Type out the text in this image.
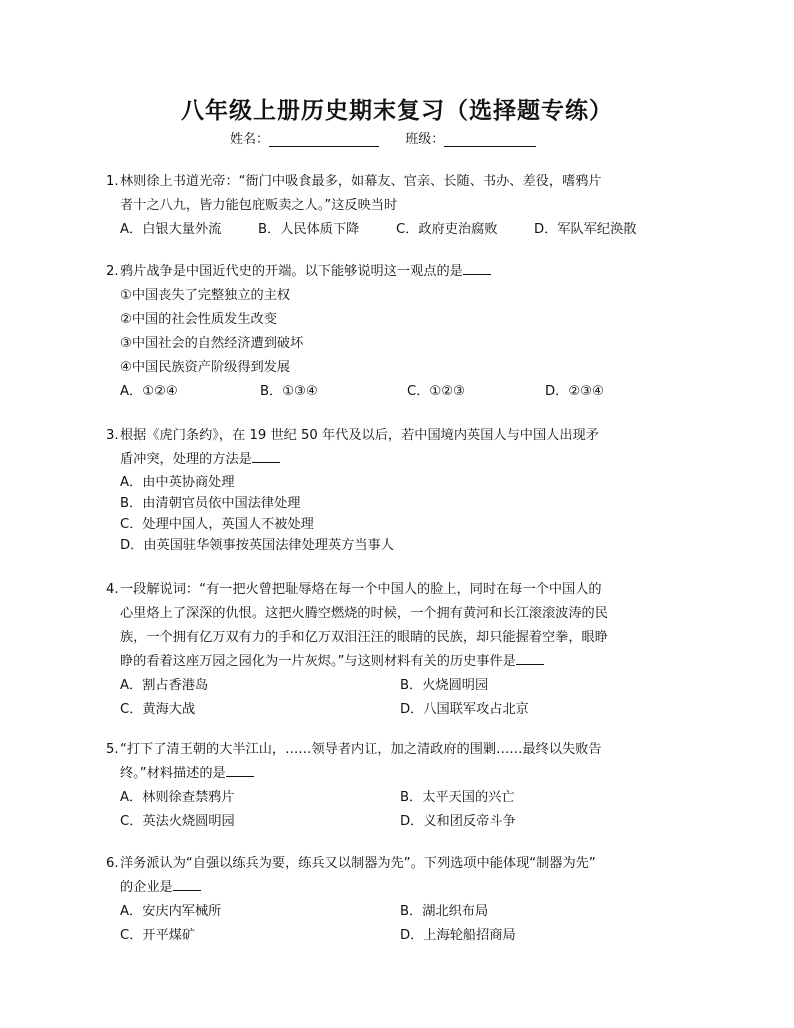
八年级上册历史期末复习（选择题专练）
姓名：	班级：
1. 林则徐上书道光帝：“衙门中吸食最多，如幕友、官亲、长随、书办、差役，嗜鸦片

者十之八九，皆力能包庇贩卖之人。”这反映当时

A．白银大量外流	B．人民体质下降	C．政府吏治腐败	D．军队军纪涣散
2. 鸦片战争是中国近代史的开端。以下能够说明这一观点的是

①中国丧失了完整独立的主权

②中国的社会性质发生改变

③中国社会的自然经济遭到破坏

④中国民族资产阶级得到发展

A．①②④	B．①③④	C．①②③	D．②③④
3. 根据《虎门条约》，在 19 世纪 50 年代及以后，若中国境内英国人与中国人出现矛

盾冲突，处理的方法是

A．由中英协商处理

B．由清朝官员依中国法律处理

C．处理中国人，英国人不被处理

D．由英国驻华领事按英国法律处理英方当事人

4. 一段解说词：“有一把火曾把耻辱烙在每一个中国人的脸上，同时在每一个中国人的

心里烙上了深深的仇恨。这把火腾空燃烧的时候，一个拥有黄河和长江滚滚波涛的民

族，一个拥有亿万双有力的手和亿万双泪汪汪的眼睛的民族，却只能握着空拳，眼睁

睁的看着这座万园之园化为一片灰烬。”与这则材料有关的历史事件是

A．割占香港岛	B．火烧圆明园
C．黄海大战	D．八国联军攻占北京
5. “打下了清王朝的大半江山，……领导者内讧，加之清政府的围剿……最终以失败告

终。”材料描述的是

A．林则徐查禁鸦片	B．太平天国的兴亡
C．英法火烧圆明园	D．义和团反帝斗争
6. 洋务派认为“自强以练兵为要，练兵又以制器为先”。下列选项中能体现“制器为先”

的企业是

A．安庆内军械所	B．湖北织布局
C．开平煤矿	D．上海轮船招商局
